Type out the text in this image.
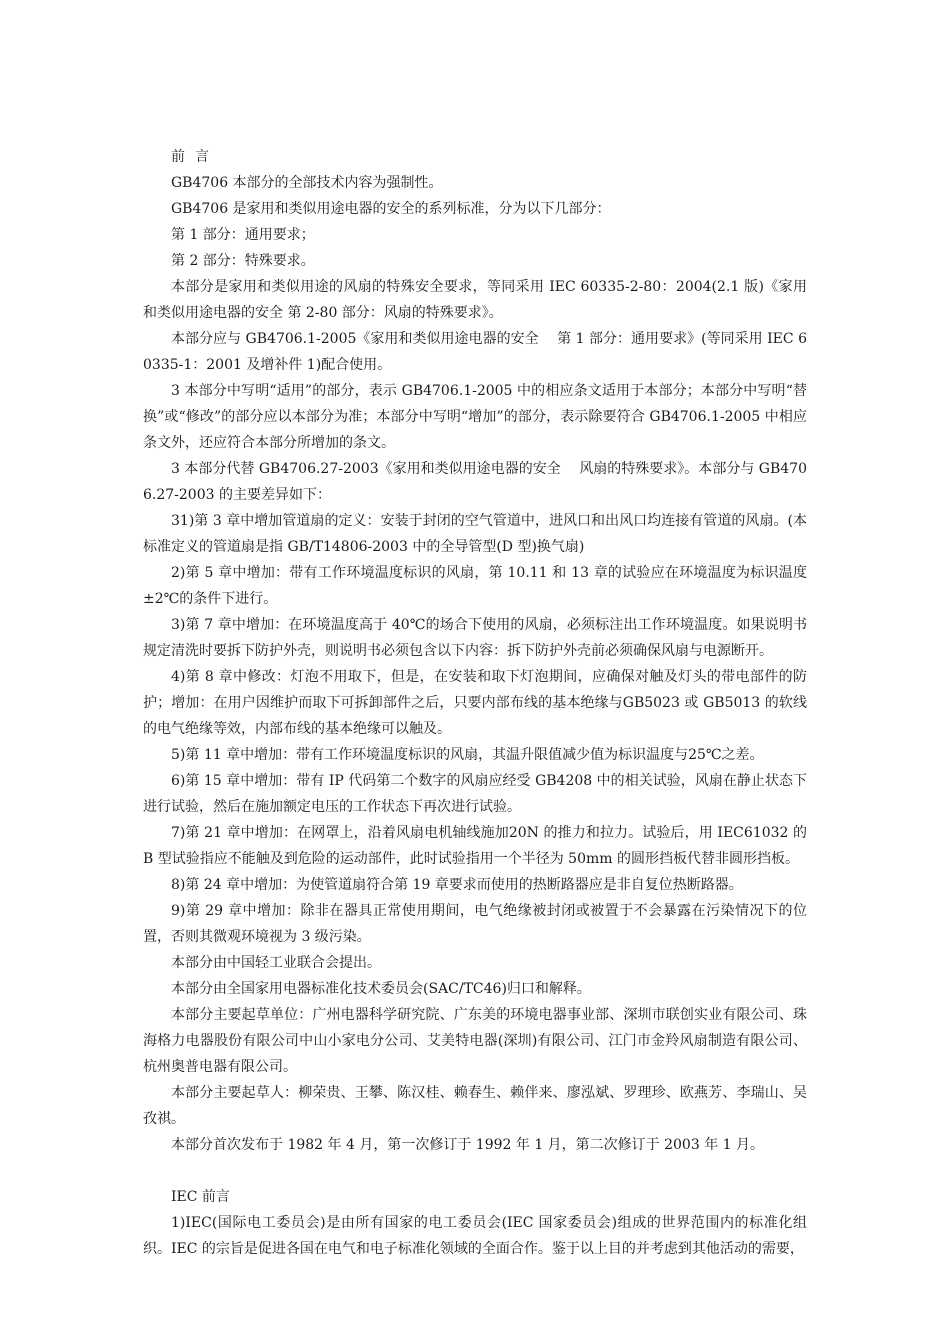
前 言
GB4706 本部分的全部技术内容为强制性。
GB4706 是家用和类似用途电器的安全的系列标准，分为以下几部分：
第 1 部分：通用要求；
第 2 部分：特殊要求。
本部分是家用和类似用途的风扇的特殊安全要求，等同采用 IEC 60335-2-80：2004(2.1 版)《家用和类似用途电器的安全 第 2-80 部分：风扇的特殊要求》。
本部分应与 GB4706.1-2005《家用和类似用途电器的安全　 第 1 部分：通用要求》(等同采用 IEC 60335-1：2001 及增补件 1)配合使用。
3 本部分中写明“适用”的部分，表示 GB4706.1-2005 中的相应条文适用于本部分；本部分中写明“替换”或“修改”的部分应以本部分为准；本部分中写明“增加”的部分，表示除要符合 GB4706.1-2005 中相应条文外，还应符合本部分所增加的条文。
3 本部分代替 GB4706.27-2003《家用和类似用途电器的安全　 风扇的特殊要求》。本部分与 GB4706.27-2003 的主要差异如下：
31)第 3 章中增加管道扇的定义：安装于封闭的空气管道中，进风口和出风口均连接有管道的风扇。(本标准定义的管道扇是指 GB/T14806-2003 中的全导管型(D 型)换气扇)
2)第 5 章中增加：带有工作环境温度标识的风扇，第 10.11 和 13 章的试验应在环境温度为标识温度±2℃的条件下进行。
3)第 7 章中增加：在环境温度高于 40℃的场合下使用的风扇，必须标注出工作环境温度。如果说明书规定清洗时要拆下防护外壳，则说明书必须包含以下内容：拆下防护外壳前必须确保风扇与电源断开。
4)第 8 章中修改：灯泡不用取下，但是，在安装和取下灯泡期间，应确保对触及灯头的带电部件的防护；增加：在用户因维护而取下可拆卸部件之后，只要内部布线的基本绝缘与GB5023 或 GB5013 的软线的电气绝缘等效，内部布线的基本绝缘可以触及。
5)第 11 章中增加：带有工作环境温度标识的风扇，其温升限值减少值为标识温度与25℃之差。
6)第 15 章中增加：带有 IP 代码第二个数字的风扇应经受 GB4208 中的相关试验，风扇在静止状态下进行试验，然后在施加额定电压的工作状态下再次进行试验。
7)第 21 章中增加：在网罩上，沿着风扇电机轴线施加20N 的推力和拉力。试验后，用 IEC61032 的 B 型试验指应不能触及到危险的运动部件，此时试验指用一个半径为 50mm 的圆形挡板代替非圆形挡板。
8)第 24 章中增加：为使管道扇符合第 19 章要求而使用的热断路器应是非自复位热断路器。
9)第 29 章中增加：除非在器具正常使用期间，电气绝缘被封闭或被置于不会暴露在污染情况下的位置，否则其微观环境视为 3 级污染。
本部分由中国轻工业联合会提出。
本部分由全国家用电器标准化技术委员会(SAC/TC46)归口和解释。
本部分主要起草单位：广州电器科学研究院、广东美的环境电器事业部、深圳市联创实业有限公司、珠海格力电器股份有限公司中山小家电分公司、艾美特电器(深圳)有限公司、江门市金羚风扇制造有限公司、杭州奥普电器有限公司。
本部分主要起草人：柳荣贵、王攀、陈汉桂、赖春生、赖伴来、廖泓斌、罗理珍、欧燕芳、李瑞山、吴孜祺。
本部分首次发布于 1982 年 4 月，第一次修订于 1992 年 1 月，第二次修订于 2003 年 1 月。
IEC 前言
1)IEC(国际电工委员会)是由所有国家的电工委员会(IEC 国家委员会)组成的世界范围内的标准化组织。IEC 的宗旨是促进各国在电气和电子标准化领域的全面合作。鉴于以上目的并考虑到其他活动的需要，
